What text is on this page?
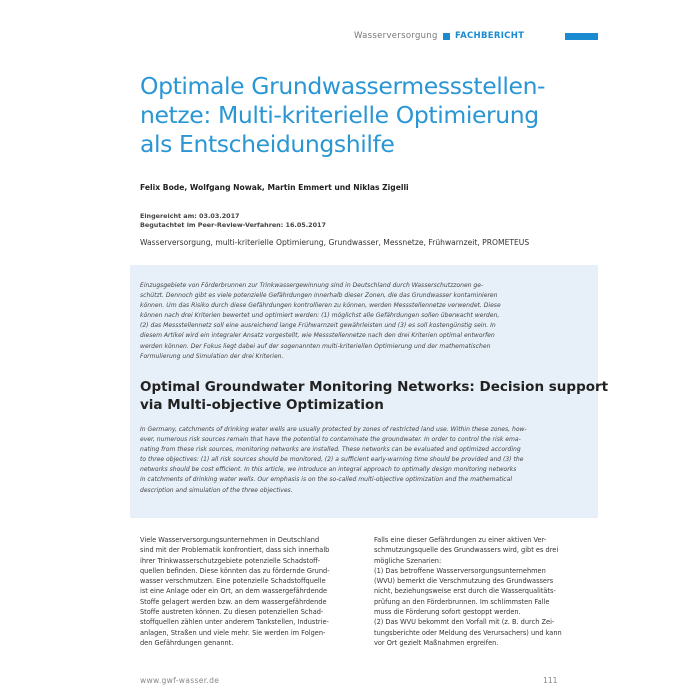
Wasserversorgung FACHBERICHT
Optimale Grundwassermessstellen-
netze: Multi-kriterielle Optimierung
als Entscheidungshilfe
Felix Bode, Wolfgang Nowak, Martin Emmert und Niklas Zigelli
Eingereicht am: 03.03.2017
Begutachtet im Peer-Review-Verfahren: 16.05.2017
Wasserversorgung, multi-kriterielle Optimierung, Grundwasser, Messnetze, Frühwarnzeit, PROMETEUS
Einzugsgebiete von Förderbrunnen zur Trinkwassergewinnung sind in Deutschland durch Wasserschutzzonen ge-
schützt. Dennoch gibt es viele potenzielle Gefährdungen innerhalb dieser Zonen, die das Grundwasser kontaminieren
können. Um das Risiko durch diese Gefährdungen kontrollieren zu können, werden Messstellennetze verwendet. Diese
können nach drei Kriterien bewertet und optimiert werden: (1) möglichst alle Gefährdungen sollen überwacht werden,
(2) das Messstellennetz soll eine ausreichend lange Frühwarnzeit gewährleisten und (3) es soll kostengünstig sein. In
diesem Artikel wird ein integraler Ansatz vorgestellt, wie Messstellennetze nach den drei Kriterien optimal entworfen
werden können. Der Fokus liegt dabei auf der sogenannten multi-kriteriellen Optimierung und der mathematischen
Formulierung und Simulation der drei Kriterien.
Optimal Groundwater Monitoring Networks: Decision support
via Multi-objective Optimization
In Germany, catchments of drinking water wells are usually protected by zones of restricted land use. Within these zones, how-
ever, numerous risk sources remain that have the potential to contaminate the groundwater. In order to control the risk ema-
nating from these risk sources, monitoring networks are installed. These networks can be evaluated and optimized according
to three objectives: (1) all risk sources should be monitored, (2) a sufficient early-warning time should be provided and (3) the
networks should be cost efficient. In this article, we introduce an integral approach to optimally design monitoring networks
in catchments of drinking water wells. Our emphasis is on the so-called multi-objective optimization and the mathematical
description and simulation of the three objectives.
Viele Wasserversorgungsunternehmen in Deutschland
sind mit der Problematik konfrontiert, dass sich innerhalb
ihrer Trinkwasserschutzgebiete potenzielle Schadstoff-
quellen befinden. Diese könnten das zu fördernde Grund-
wasser verschmutzen. Eine potenzielle Schadstoffquelle
ist eine Anlage oder ein Ort, an dem wassergefährdende
Stoffe gelagert werden bzw. an dem wassergefährdende
Stoffe austreten können. Zu diesen potenziellen Schad-
stoffquellen zählen unter anderem Tankstellen, Industrie-
anlagen, Straßen und viele mehr. Sie werden im Folgen-
den Gefährdungen genannt.
Falls eine dieser Gefährdungen zu einer aktiven Ver-
schmutzungsquelle des Grundwassers wird, gibt es drei
mögliche Szenarien:
(1) Das betroffene Wasserversorgungsunternehmen
(WVU) bemerkt die Verschmutzung des Grundwassers
nicht, beziehungsweise erst durch die Wasserqualitäts-
prüfung an den Förderbrunnen. Im schlimmsten Falle
muss die Förderung sofort gestoppt werden.
(2) Das WVU bekommt den Vorfall mit (z. B. durch Zei-
tungsberichte oder Meldung des Verursachers) und kann
vor Ort gezielt Maßnahmen ergreifen.
www.gwf-wasser.de	111
